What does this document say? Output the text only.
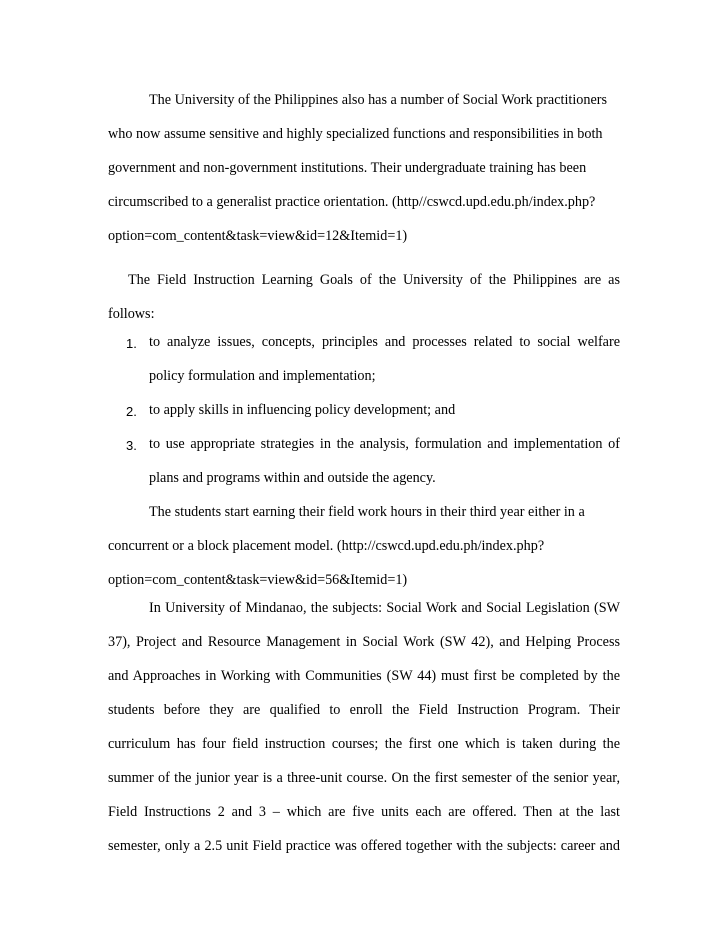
The University of the Philippines also has a number of Social Work practitioners
who now assume sensitive and highly specialized functions and responsibilities in both
government and non-government institutions. Their undergraduate training has been
circumscribed to a generalist practice orientation. (http//cswcd.upd.edu.ph/index.php?
option=com_content&task=view&id=12&Itemid=1)
The Field Instruction Learning Goals of the University of the Philippines are as
follows:
1. to analyze issues, concepts, principles and processes related to social welfare
policy formulation and implementation;
2. to apply skills in influencing policy development; and
3. to use appropriate strategies in the analysis, formulation and implementation of
plans and programs within and outside the agency.
The students start earning their field work hours in their third year either in a
concurrent or a block placement model. (http://cswcd.upd.edu.ph/index.php?
option=com_content&task=view&id=56&Itemid=1)
In University of Mindanao, the subjects: Social Work and Social Legislation (SW
37), Project and Resource Management in Social Work (SW 42), and Helping Process
and Approaches in Working with Communities (SW 44) must first be completed by the
students before they are qualified to enroll the Field Instruction Program. Their
curriculum has four field instruction courses; the first one which is taken during the
summer of the junior year is a three-unit course. On the first semester of the senior year,
Field Instructions 2 and 3 – which are five units each are offered. Then at the last
semester, only a 2.5 unit Field practice was offered together with the subjects: career and
